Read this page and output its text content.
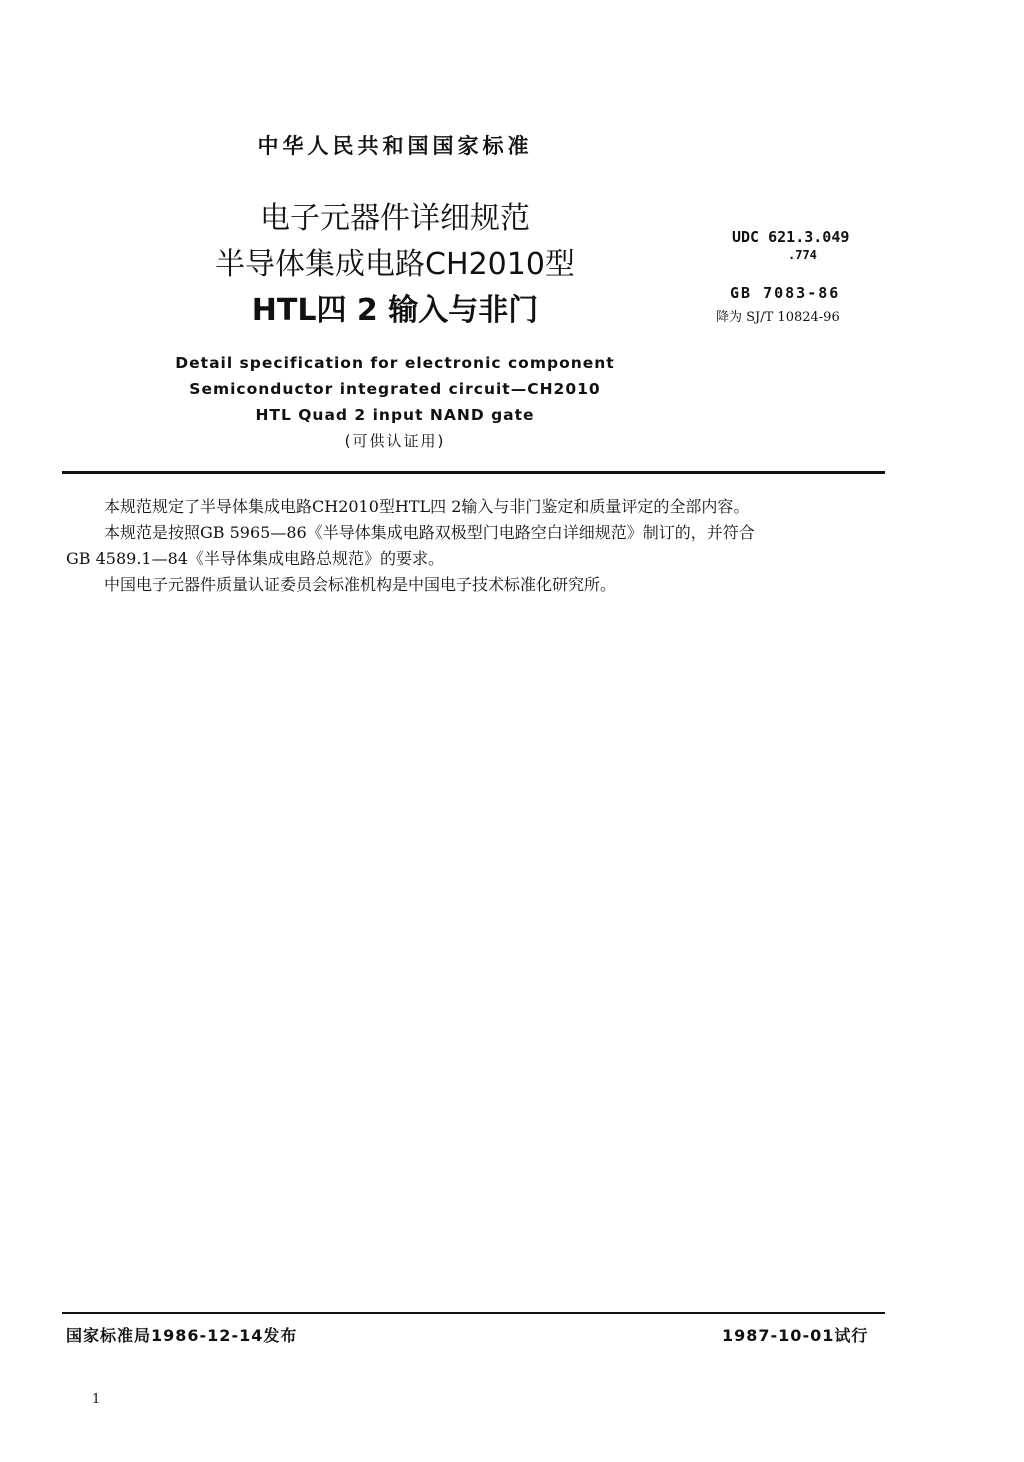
中华人民共和国国家标准
电子元器件详细规范
半导体集成电路CH2010型
HTL四 2 输入与非门
UDC 621.3.049
.774
GB 7083-86
降为 SJ/T 10824-96
Detail specification for electronic component
Semiconductor integrated circuit—CH2010
HTL Quad 2 input NAND gate
(可供认证用)
本规范规定了半导体集成电路CH2010型HTL四 2输入与非门鉴定和质量评定的全部内容。
本规范是按照GB 5965—86《半导体集成电路双极型门电路空白详细规范》制订的，并符合
GB 4589.1—84《半导体集成电路总规范》的要求。
中国电子元器件质量认证委员会标准机构是中国电子技术标准化研究所。
国家标准局1986-12-14发布	1987-10-01试行
1
